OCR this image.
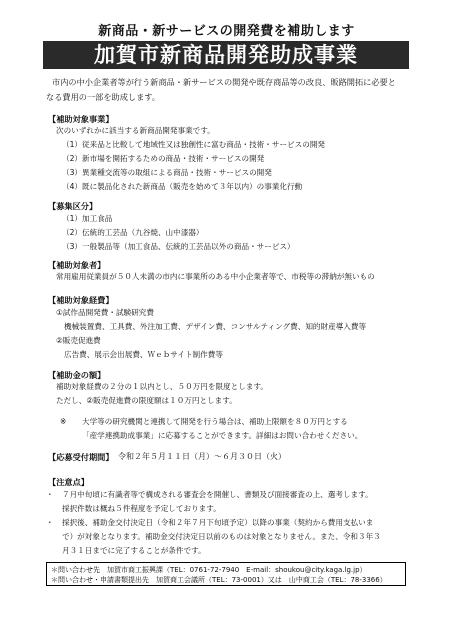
新商品・新サービスの開発費を補助します
加賀市新商品開発助成事業

市内の中小企業者等が行う新商品・新サービスの開発や既存商品等の改良、販路開拓に必要と

なる費用の一部を助成します。

【補助対象事業】
次のいずれかに該当する新商品開発事業です。
（1）従来品と比較して地域性又は独創性に富む商品・技術・サービスの開発
（2）新市場を開拓するための商品・技術・サービスの開発
（3）異業種交流等の取組による商品・技術・サービスの開発
（4）既に製品化された新商品（販売を始めて３年以内）の事業化行動
【募集区分】
（1）加工食品
（2）伝統的工芸品（九谷焼、山中漆器）
（3）一般製品等（加工食品、伝統的工芸品以外の商品・サービス）
【補助対象者】
常用雇用従業員が５０人未満の市内に事業所のある中小企業者等で、市税等の滞納が無いもの
【補助対象経費】
①試作品開発費・試験研究費
機械装置費、工具費、外注加工費、デザイン費、コンサルティング費、知的財産導入費等
②販売促進費
広告費、展示会出展費、Ｗｅｂサイト制作費等
【補助金の額】
補助対象経費の２分の１以内とし、５０万円を限度とします。
ただし、②販売促進費の限度額は１０万円とします。
※ 大学等の研究機関と連携して開発を行う場合は、補助上限額を８０万円とする
「産学連携助成事業」に応募することができます。詳細はお問い合わせください。
【応募受付期間】 令和２年５月１１日（月）～６月３０日（火）
【注意点】
・ ７月中旬頃に有識者等で構成される審査会を開催し、書類及び面接審査の上、選考します。
採択件数は概ね５件程度を予定しております。
・ 採択後、補助金交付決定日（令和２年７月下旬頃予定）以降の事業（契約から費用支払いま
で）が対象となります。補助金交付決定日以前のものは対象となりません。また、令和３年３
月３１日までに完了することが条件です。
＊問い合わせ先　加賀市商工振興課（TEL：0761-72-7940　E-mail：shoukou@city.kaga.lg.jp）
＊問い合わせ・申請書類提出先　加賀商工会議所（TEL：73-0001）又は　山中商工会（TEL：78-3366）
